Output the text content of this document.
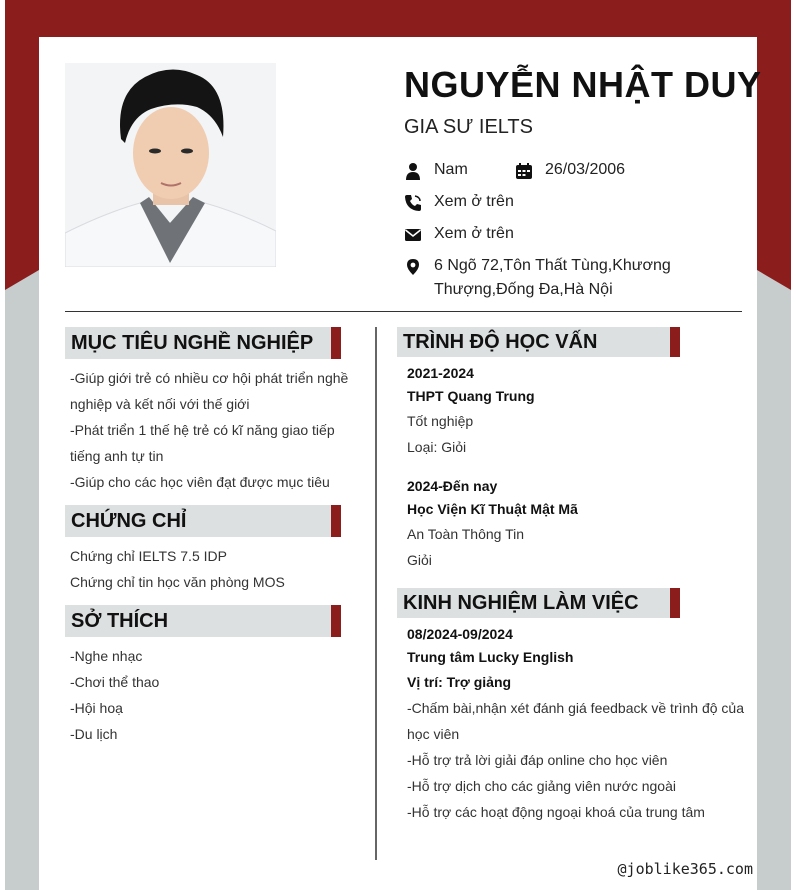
NGUYỄN NHẬT DUY
GIA SƯ IELTS
Nam	26/03/2006
Xem ở trên
Xem ở trên
6 Ngõ 72,Tôn Thất Tùng,Khương
Thượng,Đống Đa,Hà Nội
MỤC TIÊU NGHỀ NGHIỆP
-Giúp giới trẻ có nhiều cơ hội phát triển nghề
nghiệp và kết nối với thế giới
-Phát triển 1 thế hệ trẻ có kĩ năng giao tiếp
tiếng anh tự tin
-Giúp cho các học viên đạt được mục tiêu
CHỨNG CHỈ
Chứng chỉ IELTS 7.5 IDP
Chứng chỉ tin học văn phòng MOS
SỞ THÍCH
-Nghe nhạc
-Chơi thể thao
-Hội hoạ
-Du lịch
TRÌNH ĐỘ HỌC VẤN
2021-2024
THPT Quang Trung
Tốt nghiệp
Loại: Giỏi
2024-Đến nay
Học Viện Kĩ Thuật Mật Mã
An Toàn Thông Tin
Giỏi
KINH NGHIỆM LÀM VIỆC
08/2024-09/2024
Trung tâm Lucky English
Vị trí: Trợ giảng
-Chấm bài,nhận xét đánh giá feedback về trình độ của
học viên
-Hỗ trợ trả lời giải đáp online cho học viên
-Hỗ trợ dịch cho các giảng viên nước ngoài
-Hỗ trợ các hoạt động ngoại khoá của trung tâm
@joblike365.com
